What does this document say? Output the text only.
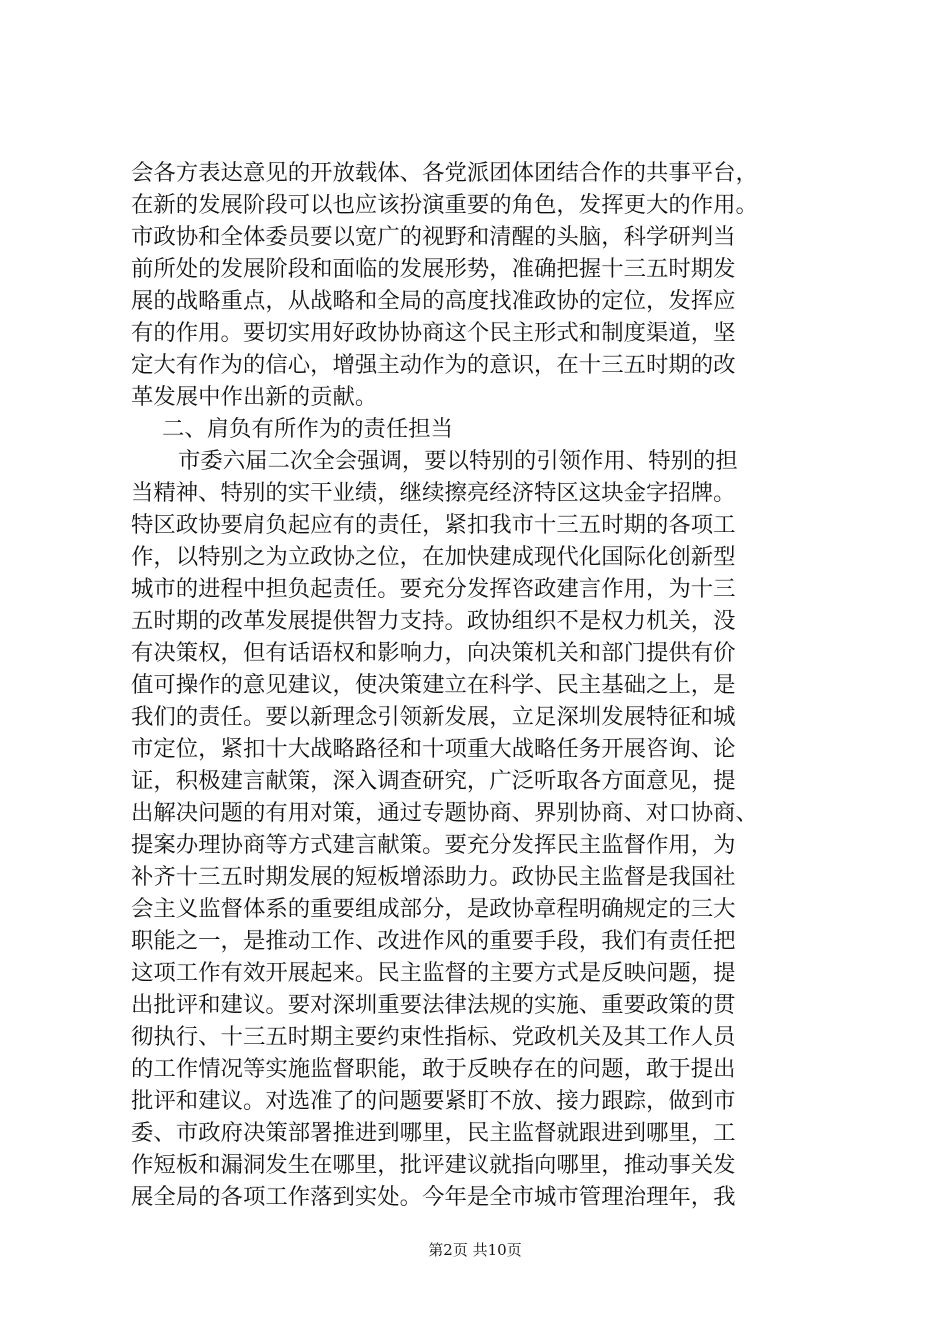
会各方表达意见的开放载体、各党派团体团结合作的共事平台，
在新的发展阶段可以也应该扮演重要的角色，发挥更大的作用。
市政协和全体委员要以宽广的视野和清醒的头脑，科学研判当
前所处的发展阶段和面临的发展形势，准确把握十三五时期发
展的战略重点，从战略和全局的高度找准政协的定位，发挥应
有的作用。要切实用好政协协商这个民主形式和制度渠道，坚
定大有作为的信心，增强主动作为的意识，在十三五时期的改
革发展中作出新的贡献。
二、肩负有所作为的责任担当
市委六届二次全会强调，要以特别的引领作用、特别的担
当精神、特别的实干业绩，继续擦亮经济特区这块金字招牌。
特区政协要肩负起应有的责任，紧扣我市十三五时期的各项工
作，以特别之为立政协之位，在加快建成现代化国际化创新型
城市的进程中担负起责任。要充分发挥咨政建言作用，为十三
五时期的改革发展提供智力支持。政协组织不是权力机关，没
有决策权，但有话语权和影响力，向决策机关和部门提供有价
值可操作的意见建议，使决策建立在科学、民主基础之上，是
我们的责任。要以新理念引领新发展，立足深圳发展特征和城
市定位，紧扣十大战略路径和十项重大战略任务开展咨询、论
证，积极建言献策，深入调查研究，广泛听取各方面意见，提
出解决问题的有用对策，通过专题协商、界别协商、对口协商、
提案办理协商等方式建言献策。要充分发挥民主监督作用，为
补齐十三五时期发展的短板增添助力。政协民主监督是我国社
会主义监督体系的重要组成部分，是政协章程明确规定的三大
职能之一，是推动工作、改进作风的重要手段，我们有责任把
这项工作有效开展起来。民主监督的主要方式是反映问题，提
出批评和建议。要对深圳重要法律法规的实施、重要政策的贯
彻执行、十三五时期主要约束性指标、党政机关及其工作人员
的工作情况等实施监督职能，敢于反映存在的问题，敢于提出
批评和建议。对选准了的问题要紧盯不放、接力跟踪，做到市
委、市政府决策部署推进到哪里，民主监督就跟进到哪里，工
作短板和漏洞发生在哪里，批评建议就指向哪里，推动事关发
展全局的各项工作落到实处。今年是全市城市管理治理年，我
第2页 共10页
